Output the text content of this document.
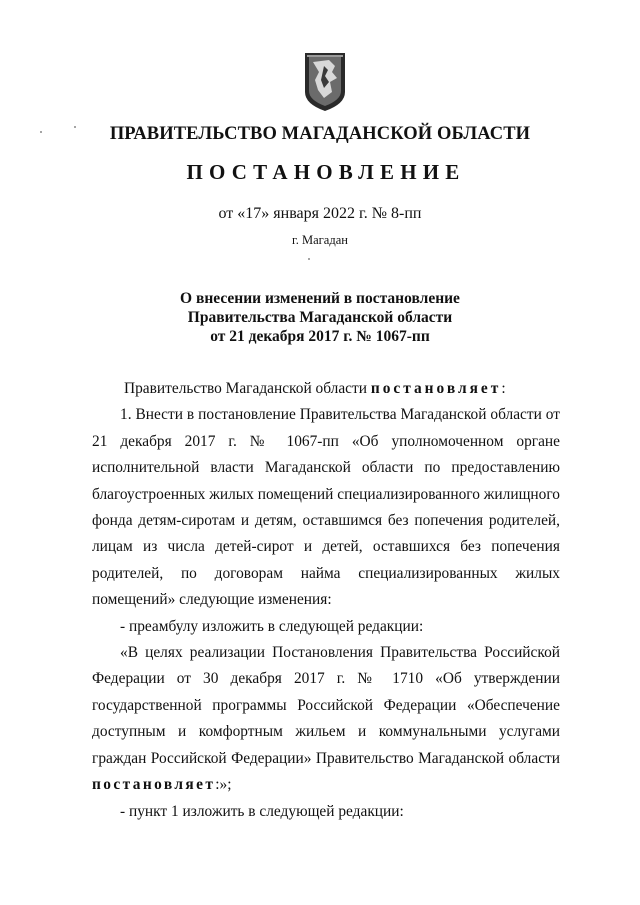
ПРАВИТЕЛЬСТВО МАГАДАНСКОЙ ОБЛАСТИ

ПОСТАНОВЛЕНИЕ

от «17» января 2022 г. № 8-пп

г. Магадан

О внесении изменений в постановление

Правительства Магаданской области

от 21 декабря 2017 г. № 1067-пп

Правительство Магаданской области постановляет:

1. Внести в постановление Правительства Магаданской области от 21 декабря 2017 г. № 1067-пп «Об уполномоченном органе исполнительной власти Магаданской области по предоставлению благоустроенных жилых помещений специализированного жилищного фонда детям-сиротам и детям, оставшимся без попечения родителей, лицам из числа детей-сирот и детей, оставшихся без попечения родителей, по договорам найма специализированных жилых помещений» следующие изменения:

- преамбулу изложить в следующей редакции:

«В целях реализации Постановления Правительства Российской Федерации от 30 декабря 2017 г. № 1710 «Об утверждении государственной программы Российской Федерации «Обеспечение доступным и комфортным жильем и коммунальными услугами граждан Российской Федерации» Правительство Магаданской области постановляет:»;

- пункт 1 изложить в следующей редакции:
